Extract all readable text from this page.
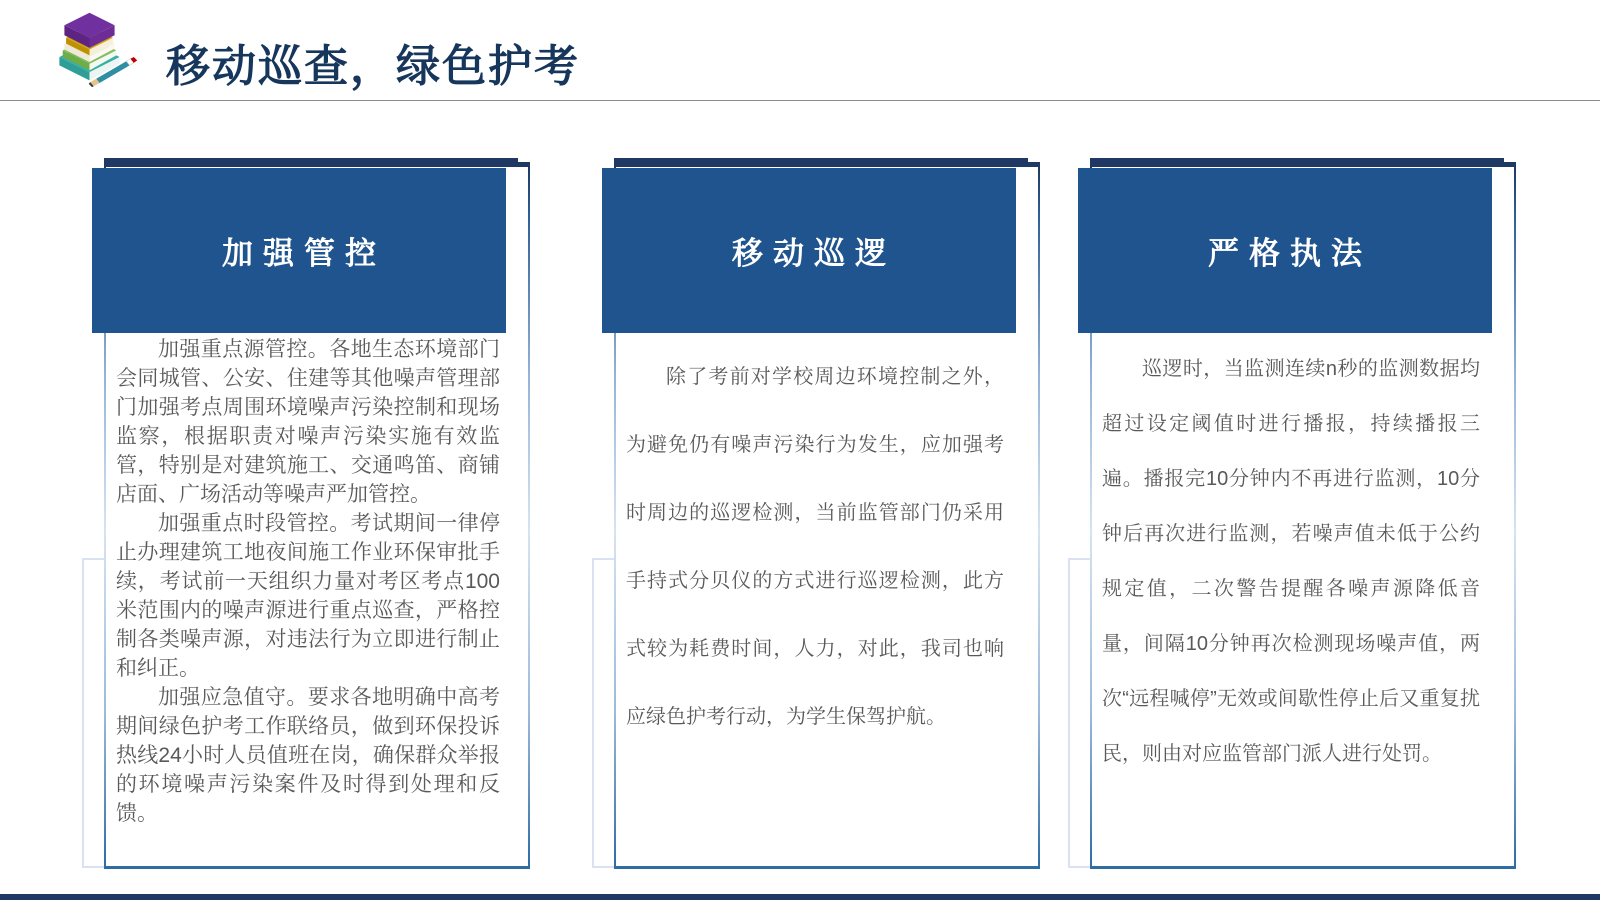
移动巡查，绿色护考
加强管控

加强重点源管控。各地生态环境部门会同城管、公安、住建等其他噪声管理部门加强考点周围环境噪声污染控制和现场监察，根据职责对噪声污染实施有效监管，特别是对建筑施工、交通鸣笛、商铺店面、广场活动等噪声严加管控。

加强重点时段管控。考试期间一律停止办理建筑工地夜间施工作业环保审批手续，考试前一天组织力量对考区考点100米范围内的噪声源进行重点巡查，严格控制各类噪声源，对违法行为立即进行制止和纠正。

加强应急值守。要求各地明确中高考期间绿色护考工作联络员，做到环保投诉热线24小时人员值班在岗，确保群众举报的环境噪声污染案件及时得到处理和反馈。

移动巡逻

除了考前对学校周边环境控制之外，为避免仍有噪声污染行为发生，应加强考时周边的巡逻检测，当前监管部门仍采用手持式分贝仪的方式进行巡逻检测，此方式较为耗费时间，人力，对此，我司也响应绿色护考行动，为学生保驾护航。

严格执法

巡逻时，当监测连续n秒的监测数据均超过设定阈值时进行播报，持续播报三遍。播报完10分钟内不再进行监测，10分钟后再次进行监测，若噪声值未低于公约规定值，二次警告提醒各噪声源降低音量，间隔10分钟再次检测现场噪声值，两次“远程喊停”无效或间歇性停止后又重复扰民，则由对应监管部门派人进行处罚。
